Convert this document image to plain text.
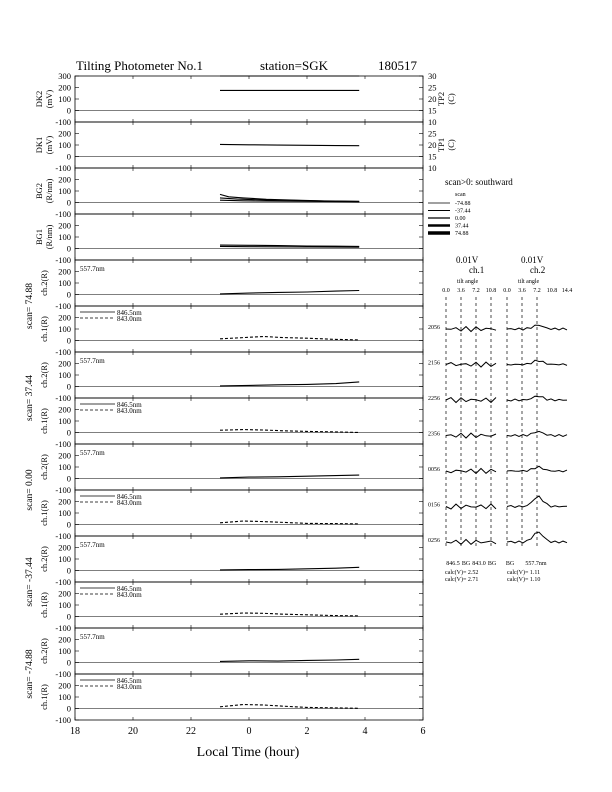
Tilting Photometer No.1	station=SGK	180517
Local Time (hour)
-100
0
100
200
300
DK2(mV)
10
15
20
25
30
TP2(C)
-100
0
100
200
DK1(mV)
10
15
20
25
TP1(C)
-100
0
100
200
BG2(R/nm)
-100
0
100
200
BG1(R/nm)
-100
0
100
200
ch.2(R)
557.7nm
-100
0
100
200
ch.1(R)
846.5nm
843.0nm
-100
0
100
200
ch.2(R)
557.7nm
-100
0
100
200
ch.1(R)
846.5nm
843.0nm
-100
0
100
200
ch.2(R)
557.7nm
-100
0
100
200
ch.1(R)
846.5nm
843.0nm
-100
0
100
200
ch.2(R)
557.7nm
-100
0
100
200
ch.1(R)
846.5nm
843.0nm
-100
0
100
200
ch.2(R)
557.7nm
-100
0
100
200
ch.1(R)
846.5nm
843.0nm
18	20	22	0	2	4	6
scan= 74.88
scan= 37.44
scan= 0.00
scan= -37.44
scan= -74.88
scan>0: southward
scan
-74.88
-37.44
0.00
37.44
74.88
0.01V	0.01V
ch.1	ch.2
tilt angle	tilt angle
0.0 3.6 7.2 10.8 0.0 3.6 7.2 10.8 14.4
2056
2156
2256
2356
0056
0156
0256
846.5 BG 843.0 BG BG 557.7nm
calc(V)= 2.52
calc(V)= 2.71
calc(V)= 1.11
calc(V)= 1.10
